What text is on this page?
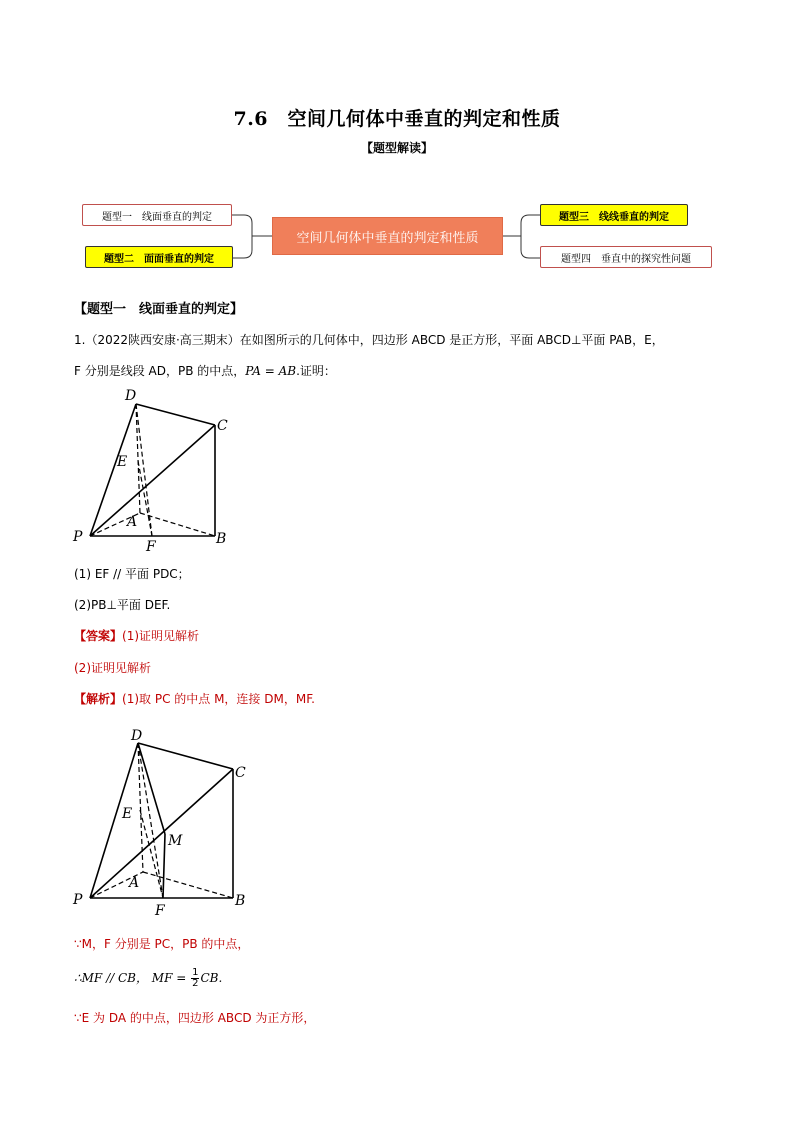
7.6　空间几何体中垂直的判定和性质
【题型解读】
题型一　线面垂直的判定
题型二　面面垂直的判定
空间几何体中垂直的判定和性质
题型三　线线垂直的判定
题型四　垂直中的探究性问题
【题型一　线面垂直的判定】
1.（2022陕西安康·高三期末）在如图所示的几何体中，四边形 ABCD 是正方形，平面 ABCD⊥平面 PAB，E，
F 分别是线段 AD，PB 的中点，PA = AB.证明：
D
C
E
A
P
F	B
(1) EF // 平面 PDC；
(2)PB⊥平面 DEF.
【答案】(1)证明见解析
(2)证明见解析
【解析】(1)取 PC 的中点 M，连接 DM，MF.
D
C
E
M
A
P
F
B
∵M，F 分别是 PC，PB 的中点，
∴MF // CB， MF = $\frac{1}{2}$ CB.
∵E 为 DA 的中点，四边形 ABCD 为正方形，
